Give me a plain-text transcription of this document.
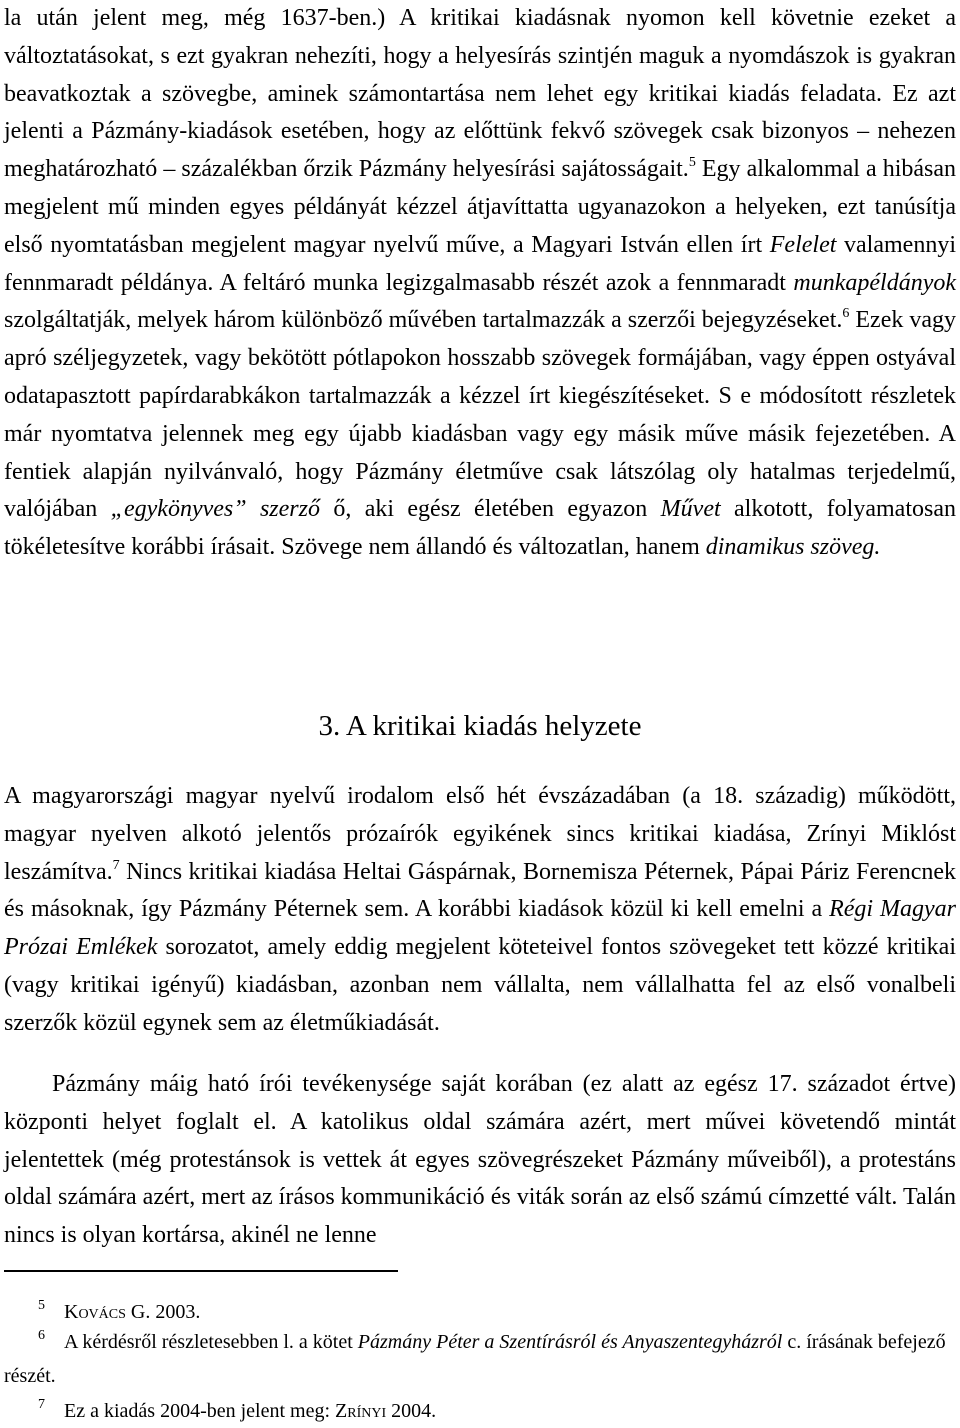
la után jelent meg, még 1637-ben.) A kritikai kiadásnak nyomon kell követnie ezeket a változtatásokat, s ezt gyakran nehezíti, hogy a helyesírás szintjén maguk a nyomdászok is gyakran beavatkoztak a szövegbe, aminek számontartása nem lehet egy kritikai kiadás feladata. Ez azt jelenti a Pázmány-kiadások esetében, hogy az előttünk fekvő szövegek csak bizonyos – nehezen meghatározható – százalékban őrzik Pázmány helyesírási sajátosságait.$^5$ Egy alkalommal a hibásan megjelent mű minden egyes példányát kézzel átjavíttatta ugyanazokon a helyeken, ezt tanúsítja első nyomtatásban megjelent magyar nyelvű műve, a Magyari István ellen írt Felelet valamennyi fennmaradt példánya. A feltáró munka legizgalmasabb részét azok a fennmaradt munkapéldányok szolgáltatják, melyek három különböző művében tartalmazzák a szerzői bejegyzéseket.$^6$ Ezek vagy apró széljegyzetek, vagy bekötött pótlapokon hosszabb szövegek formájában, vagy éppen ostyával odatapasztott papírdarabkákon tartalmazzák a kézzel írt kiegészítéseket. S e módosított részletek már nyomtatva jelennek meg egy újabb kiadásban vagy egy másik műve másik fejezetében. A fentiek alapján nyilvánvaló, hogy Pázmány életműve csak látszólag oly hatalmas terjedelmű, valójában „egykönyves” szerző ő, aki egész életében egyazon Művet alkotott, folyamatosan tökéletesítve korábbi írásait. Szövege nem állandó és változatlan, hanem dinamikus szöveg.

3. A kritikai kiadás helyzete

A magyarországi magyar nyelvű irodalom első hét évszázadában (a 18. századig) működött, magyar nyelven alkotó jelentős prózaírók egyikének sincs kritikai kiadása, Zrínyi Miklóst leszámítva.$^7$ Nincs kritikai kiadása Heltai Gáspárnak, Bornemisza Péternek, Pápai Páriz Ferencnek és másoknak, így Pázmány Péternek sem. A korábbi kiadások közül ki kell emelni a Régi Magyar Prózai Emlékek sorozatot, amely eddig megjelent köteteivel fontos szövegeket tett közzé kritikai (vagy kritikai igényű) kiadásban, azonban nem vállalta, nem vállalhatta fel az első vonalbeli szerzők közül egynek sem az életműkiadását.

Pázmány máig ható írói tevékenysége saját korában (ez alatt az egész 17. századot értve) központi helyet foglalt el. A katolikus oldal számára azért, mert művei követendő mintát jelentettek (még protestánsok is vettek át egyes szövegrészeket Pázmány műveiből), a protestáns oldal számára azért, mert az írásos kommunikáció és viták során az első számú címzetté vált. Talán nincs is olyan kortársa, akinél ne lenne

5 Kovács G. 2003.

6 A kérdésről részletesebben l. a kötet Pázmány Péter a Szentírásról és Anyaszentegyházról c. írásának befejező részét.

7 Ez a kiadás 2004-ben jelent meg: Zrínyi 2004.
